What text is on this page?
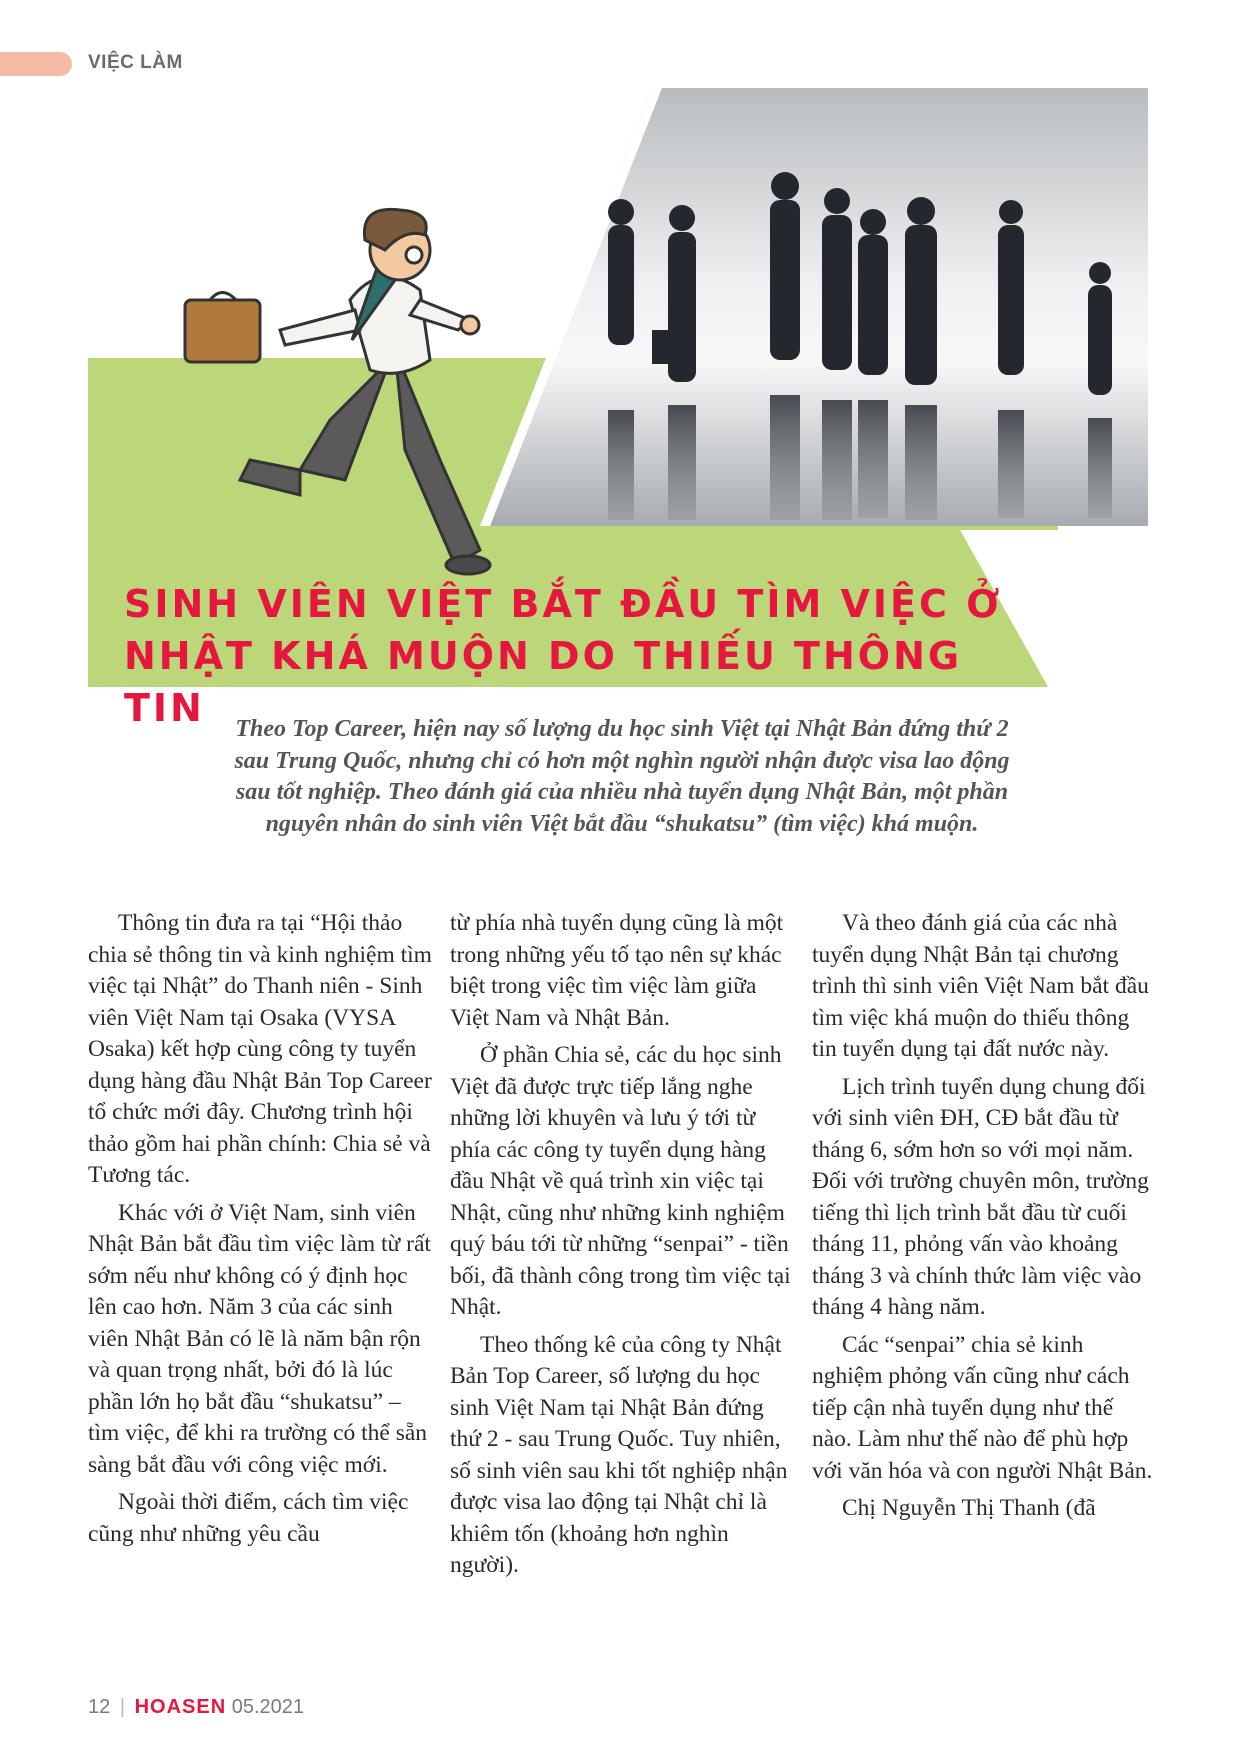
VIỆC LÀM
SINH VIÊN VIỆT BẮT ĐẦU TÌM VIỆC Ở NHẬT KHÁ MUỘN DO THIẾU THÔNG TIN	Theo Top Career, hiện nay số lượng du học sinh Việt tại Nhật Bản đứng thứ 2 sau Trung Quốc, nhưng chỉ có hơn một nghìn người nhận được visa lao động sau tốt nghiệp. Theo đánh giá của nhiều nhà tuyển dụng Nhật Bản, một phần nguyên nhân do sinh viên Việt bắt đầu “shukatsu” (tìm việc) khá muộn.

Thông tin đưa ra tại “Hội thảo chia sẻ thông tin và kinh nghiệm tìm việc tại Nhật” do Thanh niên - Sinh viên Việt Nam tại Osaka (VYSA Osaka) kết hợp cùng công ty tuyển dụng hàng đầu Nhật Bản Top Career tổ chức mới đây. Chương trình hội thảo gồm hai phần chính: Chia sẻ và Tương tác.

Khác với ở Việt Nam, sinh viên Nhật Bản bắt đầu tìm việc làm từ rất sớm nếu như không có ý định học lên cao hơn. Năm 3 của các sinh viên Nhật Bản có lẽ là năm bận rộn và quan trọng nhất, bởi đó là lúc phần lớn họ bắt đầu “shukatsu” – tìm việc, để khi ra trường có thể sẵn sàng bắt đầu với công việc mới.

Ngoài thời điểm, cách tìm việc cũng như những yêu cầu

từ phía nhà tuyển dụng cũng là một trong những yếu tố tạo nên sự khác biệt trong việc tìm việc làm giữa Việt Nam và Nhật Bản.

Ở phần Chia sẻ, các du học sinh Việt đã được trực tiếp lắng nghe những lời khuyên và lưu ý tới từ phía các công ty tuyển dụng hàng đầu Nhật về quá trình xin việc tại Nhật, cũng như những kinh nghiệm quý báu tới từ những “senpai” - tiền bối, đã thành công trong tìm việc tại Nhật.

Theo thống kê của công ty Nhật Bản Top Career, số lượng du học sinh Việt Nam tại Nhật Bản đứng thứ 2 - sau Trung Quốc. Tuy nhiên, số sinh viên sau khi tốt nghiệp nhận được visa lao động tại Nhật chỉ là khiêm tốn (khoảng hơn nghìn người).

Và theo đánh giá của các nhà tuyển dụng Nhật Bản tại chương trình thì sinh viên Việt Nam bắt đầu tìm việc khá muộn do thiếu thông tin tuyển dụng tại đất nước này.

Lịch trình tuyển dụng chung đối với sinh viên ĐH, CĐ bắt đầu từ tháng 6, sớm hơn so với mọi năm. Đối với trường chuyên môn, trường tiếng thì lịch trình bắt đầu từ cuối tháng 11, phỏng vấn vào khoảng tháng 3 và chính thức làm việc vào tháng 4 hàng năm.

Các “senpai” chia sẻ kinh nghiệm phỏng vấn cũng như cách tiếp cận nhà tuyển dụng như thế nào. Làm như thế nào để phù hợp với văn hóa và con người Nhật Bản.

Chị Nguyễn Thị Thanh (đã

12 | HOASEN 05.2021
